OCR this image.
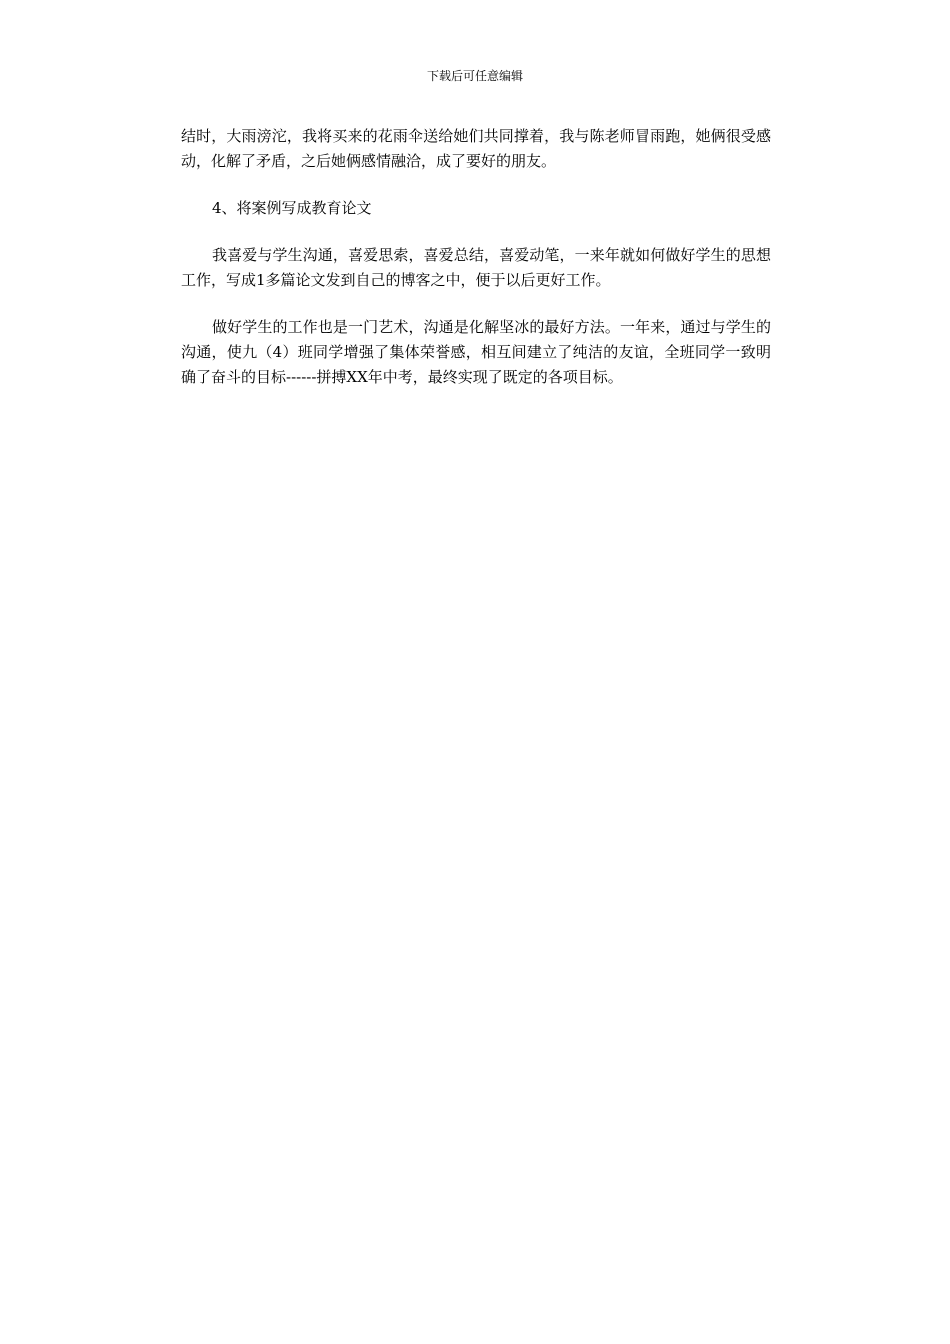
下载后可任意编辑

结时，大雨滂沱，我将买来的花雨伞送给她们共同撑着，我与陈老师冒雨跑，她俩很受感动，化解了矛盾，之后她俩感情融洽，成了要好的朋友。

4、将案例写成教育论文

我喜爱与学生沟通，喜爱思索，喜爱总结，喜爱动笔，一来年就如何做好学生的思想工作，写成1多篇论文发到自己的博客之中，便于以后更好工作。

做好学生的工作也是一门艺术，沟通是化解坚冰的最好方法。一年来，通过与学生的沟通，使九（4）班同学增强了集体荣誉感，相互间建立了纯洁的友谊，全班同学一致明确了奋斗的目标------拼搏XX年中考，最终实现了既定的各项目标。
